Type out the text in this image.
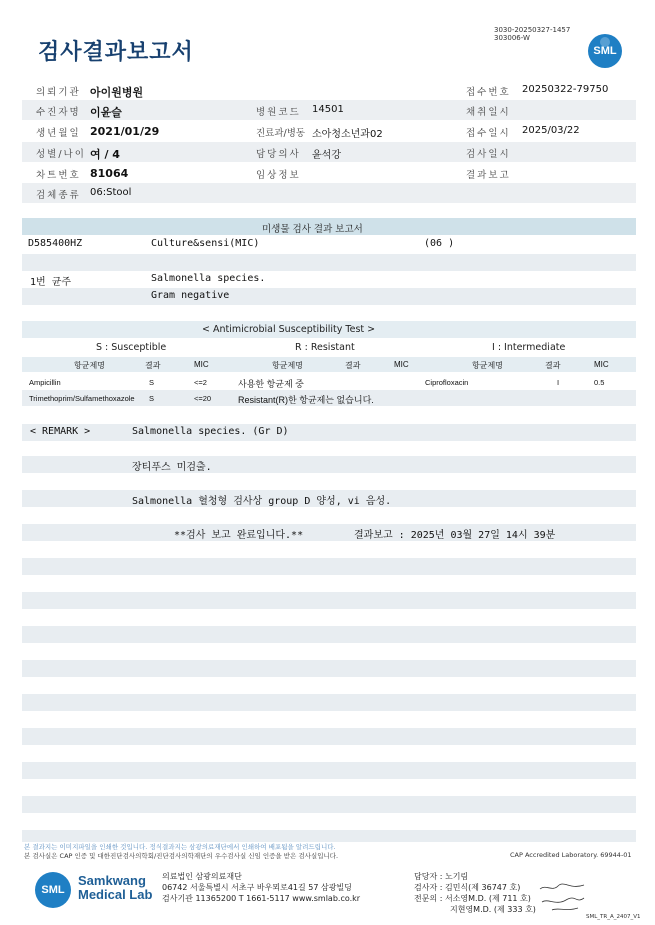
검사결과보고서
3030-20250327-1457
303006-W
SML
의뢰기관 아이원병원	접수번호 20250322-79750
수진자명 이윤슬	병원코드 14501	채취일시
생년월일 2021/01/29	진료과/병동 소아청소년과02	접수일시 2025/03/22
성별/나이 여 / 4	담당의사 윤석강	검사일시
차트번호 81064	임상정보	결과보고
검체종류 06:Stool
미생물 검사 결과 보고서
D585400HZ	Culture&sensi(MIC)	(06 )
1번 균주	Salmonella species.
Gram negative
< Antimicrobial Susceptibility Test >
S : Susceptible	R : Resistant	I : Intermediate
항균제명	결과	MIC	항균제명	결과	MIC	항균제명	결과	MIC
Ampicillin	S	<=2	사용한 항균제 중	Ciprofloxacin	I	0.5
Trimethoprim/Sulfamethoxazole S	<=20	Resistant(R)한 항균제는 없습니다.
< REMARK >	Salmonella species. (Gr D)
장티푸스 미검출.
Salmonella 혈청형 검사상 group D 양성, vi 음성.
**검사 보고 완료입니다.**	결과보고 : 2025년 03월 27일 14시 39분
본 결과지는 이미지파일을 인쇄한 것입니다. 정식결과지는 삼광의료재단에서 인쇄하여 배포됨을 알려드립니다.
본 검사실은 CAP 인증 및 대한진단검사의학회/진단검사의학재단의 우수검사실 신임 인증을 받은 검사실입니다.	CAP Accredited Laboratory. 69944-01
SML
Samkwang
Medical Lab
의료법인 삼광의료재단
06742 서울특별시 서초구 바우뫼로41길 57 삼광빌딩
검사기관 11365200 T 1661-5117 www.smlab.co.kr
담당자 : 노기림
검사자 : 김민식(제 36747 호)
전문의 : 서소영M.D. (제 711 호)
지현영M.D. (제 333 호)
SML_TR_A_2407_V1
